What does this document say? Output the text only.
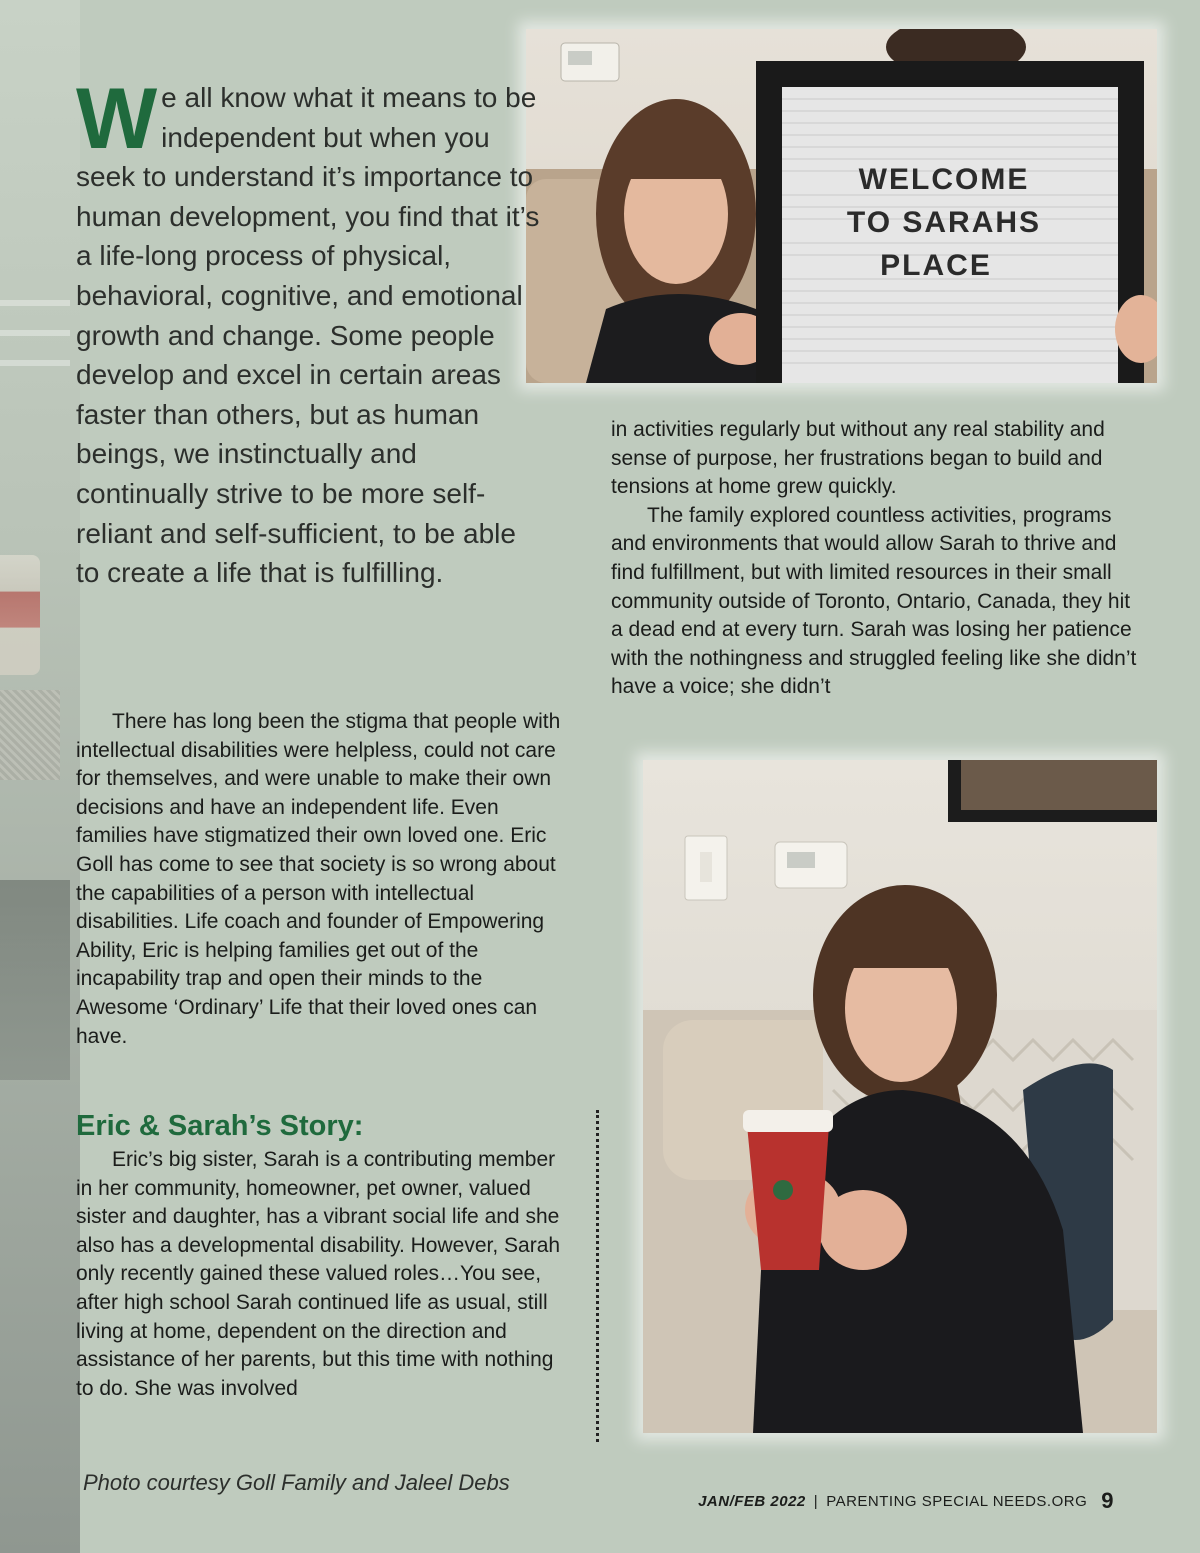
WELCOME
TO SARAHS
PLACE
We all know what it means to be independent but when you seek to understand it’s importance to human development, you find that it’s a life-long process of physical, behavioral, cognitive, and emotional growth and change. Some people develop and excel in certain areas faster than others, but as human beings, we instinctually and continually strive to be more self-reliant and self-sufficient, to be able to create a life that is fulfilling.

There has long been the stigma that people with intellectual disabilities were helpless, could not care for themselves, and were unable to make their own decisions and have an independent life. Even families have stigmatized their own loved one. Eric Goll has come to see that society is so wrong about the capabilities of a person with intellectual disabilities. Life coach and founder of Empowering Ability, Eric is helping families get out of the incapability trap and open their minds to the Awesome ‘Ordinary’ Life that their loved ones can have.

Eric & Sarah’s Story:

Eric’s big sister, Sarah is a contributing member in her community, homeowner, pet owner, valued sister and daughter, has a vibrant social life and she also has a developmental disability. However, Sarah only recently gained these valued roles…You see, after high school Sarah continued life as usual, still living at home, dependent on the direction and assistance of her parents, but this time with nothing to do. She was involved

in activities regularly but without any real stability and sense of purpose, her frustrations began to build and tensions at home grew quickly.

The family explored countless activities, programs and environments that would allow Sarah to thrive and find fulfillment, but with limited resources in their small community outside of Toronto, Ontario, Canada, they hit a dead end at every turn. Sarah was losing her patience with the nothingness and struggled feeling like she didn’t have a voice; she didn’t

Photo courtesy Goll Family and Jaleel Debs
JAN/FEB 2022 | PARENTING SPECIAL NEEDS.ORG 9
